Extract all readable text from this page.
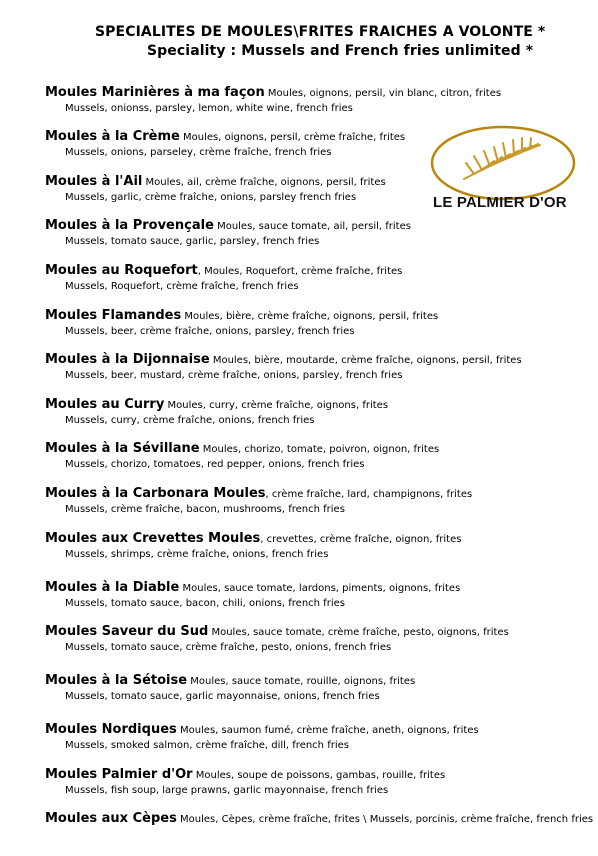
SPECIALITES DE MOULES\FRITES FRAICHES A VOLONTE *
Speciality : Mussels and French fries unlimited *
LE PALMIER D'OR
Moules Marinières à ma façon Moules, oignons, persil, vin blanc, citron, frites
Mussels, onionss, parsley, lemon, white wine, french fries
Moules à la Crème Moules, oignons, persil, crème fraîche, frites
Mussels, onions, parseley, crème fraîche, french fries
Moules à l'Ail Moules, ail, crème fraîche, oignons, persil, frites
Mussels, garlic, crème fraîche, onions, parsley french fries
Moules à la Provençale Moules, sauce tomate, ail, persil, frites
Mussels, tomato sauce, garlic, parsley, french fries
Moules au Roquefort, Moules, Roquefort, crème fraîche, frites
Mussels, Roquefort, crème fraîche, french fries
Moules Flamandes Moules, bière, crème fraîche, oignons, persil, frites
Mussels, beer, crème fraîche, onions, parsley, french fries
Moules à la Dijonnaise Moules, bière, moutarde, crème fraîche, oignons, persil, frites
Mussels, beer, mustard, crème fraîche, onions, parsley, french fries
Moules au Curry Moules, curry, crème fraîche, oignons, frites
Mussels, curry, crème fraîche, onions, french fries
Moules à la Sévillane Moules, chorizo, tomate, poivron, oignon, frites
Mussels, chorizo, tomatoes, red pepper, onions, french fries
Moules à la Carbonara Moules, crème fraîche, lard, champignons, frites
Mussels, crème fraîche, bacon, mushrooms, french fries
Moules aux Crevettes Moules, crevettes, crème fraîche, oignon, frites
Mussels, shrimps, crème fraîche, onions, french fries
Moules à la Diable Moules, sauce tomate, lardons, piments, oignons, frites
Mussels, tomato sauce, bacon, chili, onions, french fries
Moules Saveur du Sud Moules, sauce tomate, crème fraîche, pesto, oignons, frites
Mussels, tomato sauce, crème fraîche, pesto, onions, french fries
Moules à la Sétoise Moules, sauce tomate, rouille, oignons, frites
Mussels, tomato sauce, garlic mayonnaise, onions, french fries
Moules Nordiques Moules, saumon fumé, crème fraîche, aneth, oignons, frites
Mussels, smoked salmon, crème fraîche, dill, french fries
Moules Palmier d'Or Moules, soupe de poissons, gambas, rouille, frites
Mussels, fish soup, large prawns, garlic mayonnaise, french fries
Moules aux Cèpes Moules, Cèpes, crème fraîche, frites \ Mussels, porcinis, crème fraîche, french fries
